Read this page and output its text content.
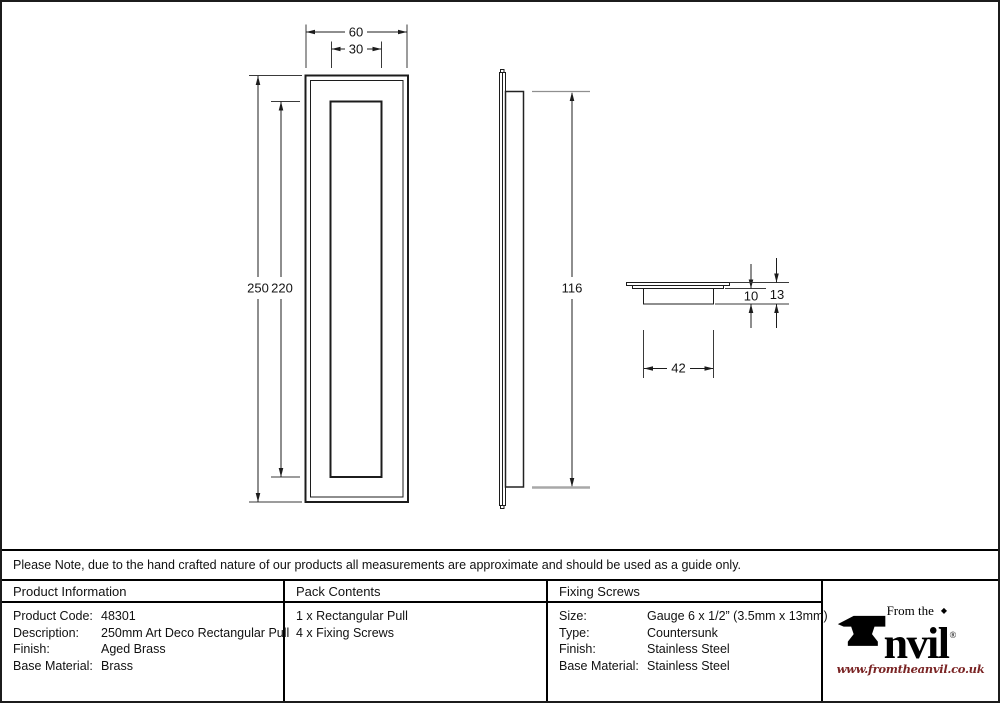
60
30
250 220	116
10 13
42
Please Note, due to the hand crafted nature of our products all measurements are approximate and should be used as a guide only.
Product Information
Product Code: 48301
Description:	250mm Art Deco Rectangular Pull
Finish:	Aged Brass
Base Material: Brass
Pack Contents
1 x Rectangular Pull
4 x Fixing Screws
Fixing Screws
Size:	Gauge 6 x 1/2” (3.5mm x 13mm)
Type:	Countersunk
Finish:	Stainless Steel
Base Material: Stainless Steel
From the ◆
nvil®
www.fromtheanvil.co.uk
